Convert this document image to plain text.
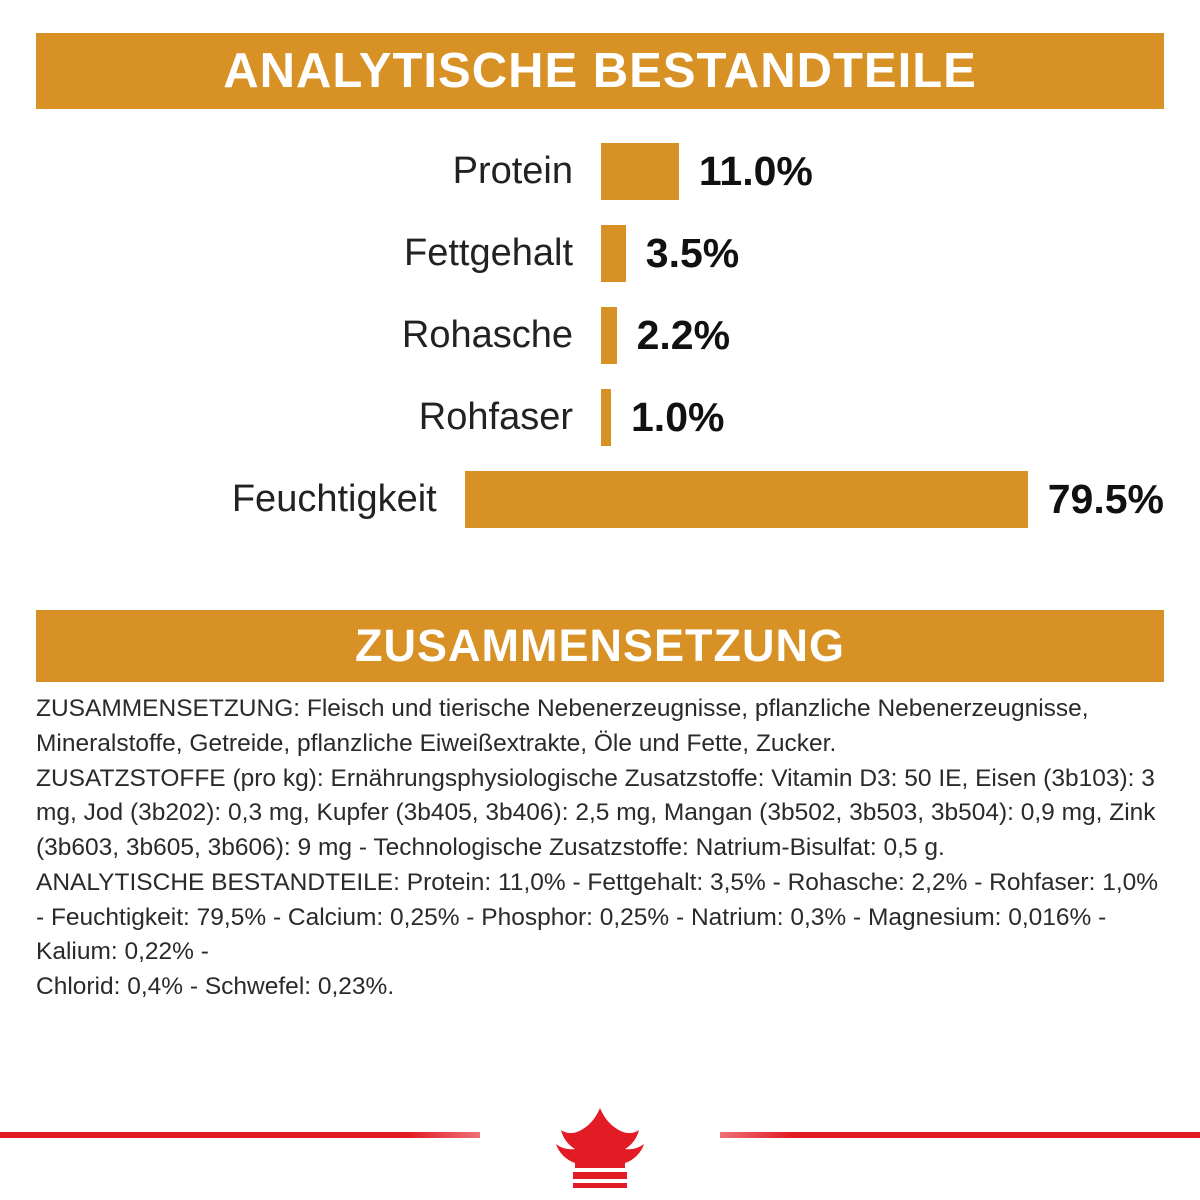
ANALYTISCHE BESTANDTEILE
Protein	11.0%
Fettgehalt	3.5%
Rohasche	2.2%
Rohfaser	1.0%
Feuchtigkeit	79.5%
ZUSAMMENSETZUNG

ZUSAMMENSETZUNG: Fleisch und tierische Nebenerzeugnisse, pflanzliche Nebenerzeugnisse, Mineralstoffe, Getreide, pflanzliche Eiweißextrakte, Öle und Fette, Zucker.

ZUSATZSTOFFE (pro kg): Ernährungsphysiologische Zusatzstoffe: Vitamin D3: 50 IE, Eisen (3b103): 3 mg, Jod (3b202): 0,3 mg, Kupfer (3b405, 3b406): 2,5 mg, Mangan (3b502, 3b503, 3b504): 0,9 mg, Zink (3b603, 3b605, 3b606): 9 mg - Technologische Zusatzstoffe: Natrium-Bisulfat: 0,5 g.

ANALYTISCHE BESTANDTEILE: Protein: 11,0% - Fettgehalt: 3,5% - Rohasche: 2,2% - Rohfaser: 1,0% - Feuchtigkeit: 79,5% - Calcium: 0,25% - Phosphor: 0,25% - Natrium: 0,3% - Magnesium: 0,016% - Kalium: 0,22% -

Chlorid: 0,4% - Schwefel: 0,23%.
